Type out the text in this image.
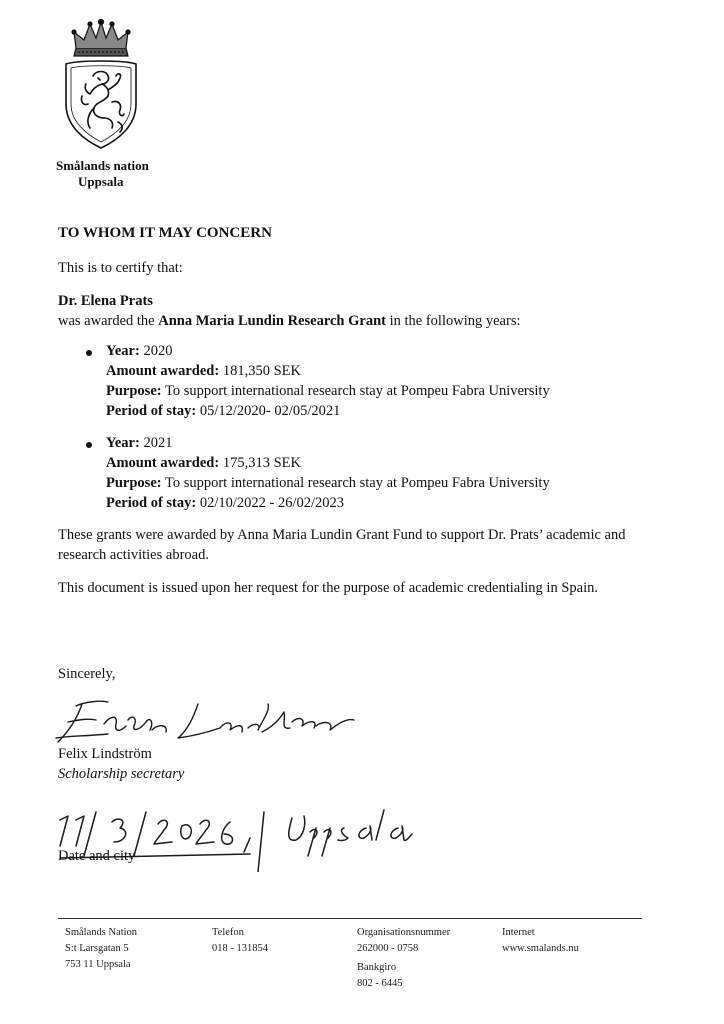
Smålands nation
Uppsala
TO WHOM IT MAY CONCERN
This is to certify that:
Dr. Elena Prats
was awarded the Anna Maria Lundin Research Grant in the following years:
Year: 2020
Amount awarded: 181,350 SEK
Purpose: To support international research stay at Pompeu Fabra University
Period of stay: 05/12/2020- 02/05/2021
Year: 2021
Amount awarded: 175,313 SEK
Purpose: To support international research stay at Pompeu Fabra University
Period of stay: 02/10/2022 - 26/02/2023
These grants were awarded by Anna Maria Lundin Grant Fund to support Dr. Prats’ academic and
research activities abroad.
This document is issued upon her request for the purpose of academic credentialing in Spain.
Sincerely,
Felix Lindström
Scholarship secretary
Date and city
Smålands Nation
S:t Larsgatan 5
753 11 Uppsala
Telefon
018 - 131854
Organisationsnummer
262000 - 0758
Bankgiro
802 - 6445
Internet
www.smalands.nu
